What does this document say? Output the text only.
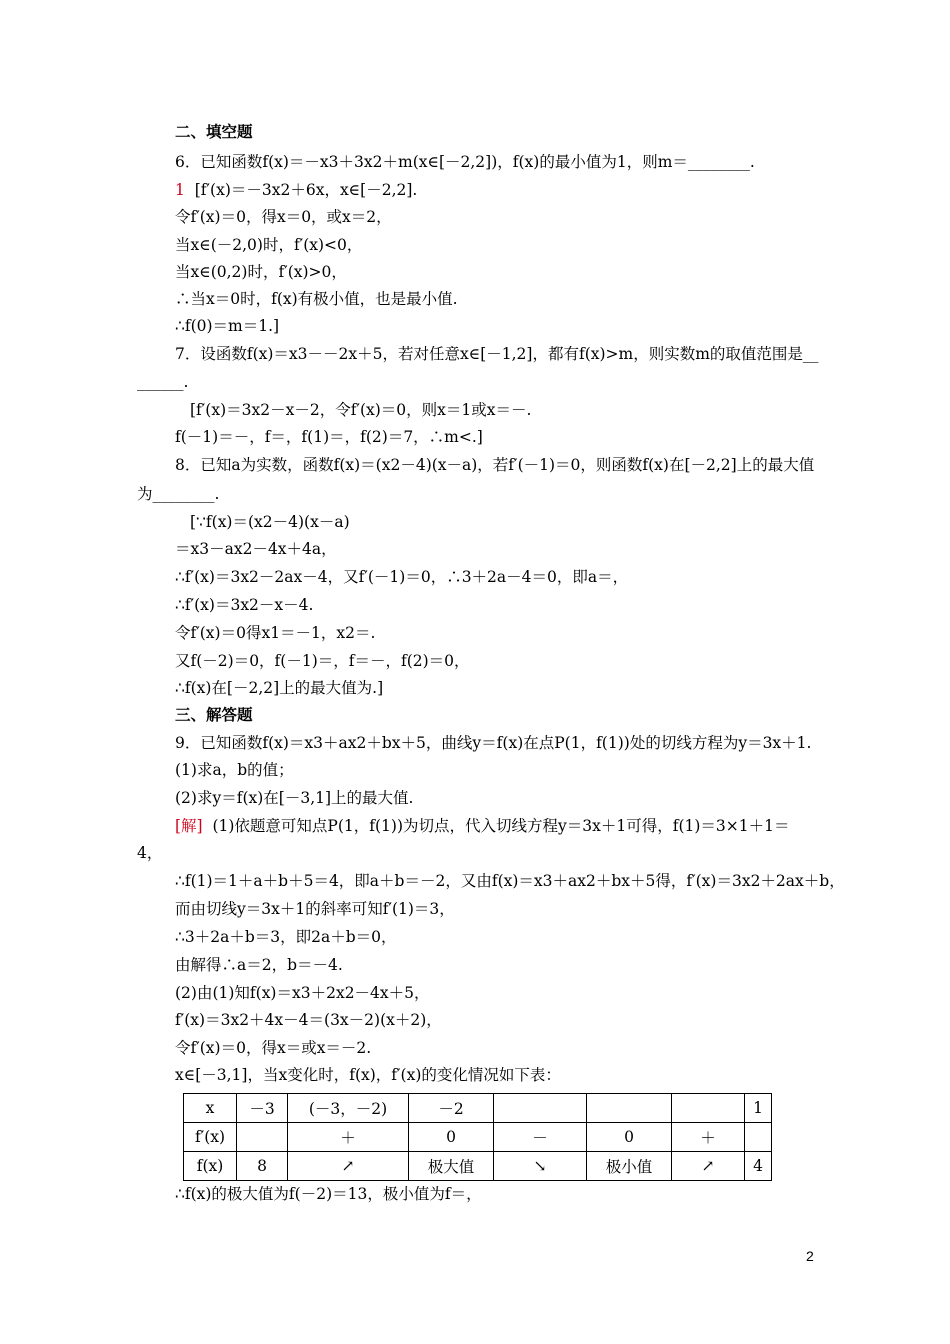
二、填空题
6．已知函数f(x)＝－x3＋3x2＋m(x∈[－2,2])，f(x)的最小值为1，则m＝________.
1 [f′(x)＝－3x2＋6x，x∈[－2,2].
令f′(x)＝0，得x＝0，或x＝2，
当x∈(－2,0)时，f′(x)<0，
当x∈(0,2)时，f′(x)>0，
∴当x＝0时，f(x)有极小值，也是最小值.
∴f(0)＝m＝1.]
7．设函数f(x)＝x3－－2x＋5，若对任意x∈[－1,2]，都有f(x)>m，则实数m的取值范围是__
______.
[f′(x)＝3x2－x－2，令f′(x)＝0，则x＝1或x＝－.
f(－1)＝－，f＝，f(1)＝，f(2)＝7，∴m<.]
8．已知a为实数，函数f(x)＝(x2－4)(x－a)，若f′(－1)＝0，则函数f(x)在[－2,2]上的最大值
为________.
[∵f(x)＝(x2－4)(x－a)
＝x3－ax2－4x＋4a，
∴f′(x)＝3x2－2ax－4，又f′(－1)＝0，∴3＋2a－4＝0，即a＝，
∴f′(x)＝3x2－x－4.
令f′(x)＝0得x1＝－1，x2＝.
又f(－2)＝0，f(－1)＝，f＝－，f(2)＝0，
∴f(x)在[－2,2]上的最大值为.]
三、解答题
9．已知函数f(x)＝x3＋ax2＋bx＋5，曲线y＝f(x)在点P(1，f(1))处的切线方程为y＝3x＋1.
(1)求a，b的值；
(2)求y＝f(x)在[－3,1]上的最大值.
[解] (1)依题意可知点P(1，f(1))为切点，代入切线方程y＝3x＋1可得，f(1)＝3×1＋1＝
4，
∴f(1)＝1＋a＋b＋5＝4，即a＋b＝－2，又由f(x)＝x3＋ax2＋bx＋5得，f′(x)＝3x2＋2ax＋b，
而由切线y＝3x＋1的斜率可知f′(1)＝3，
∴3＋2a＋b＝3，即2a＋b＝0，
由解得∴a＝2，b＝－4.
(2)由(1)知f(x)＝x3＋2x2－4x＋5，
f′(x)＝3x2＋4x－4＝(3x－2)(x＋2)，
令f′(x)＝0，得x＝或x＝－2.
x∈[－3,1]，当x变化时，f(x)，f′(x)的变化情况如下表：
x	－3	(－3，－2)	－2				1
f′(x)		＋	0	－	0	＋	
f(x)	8	↗	极大值	↘	极小值	↗	4
∴f(x)的极大值为f(－2)＝13，极小值为f＝，
2
